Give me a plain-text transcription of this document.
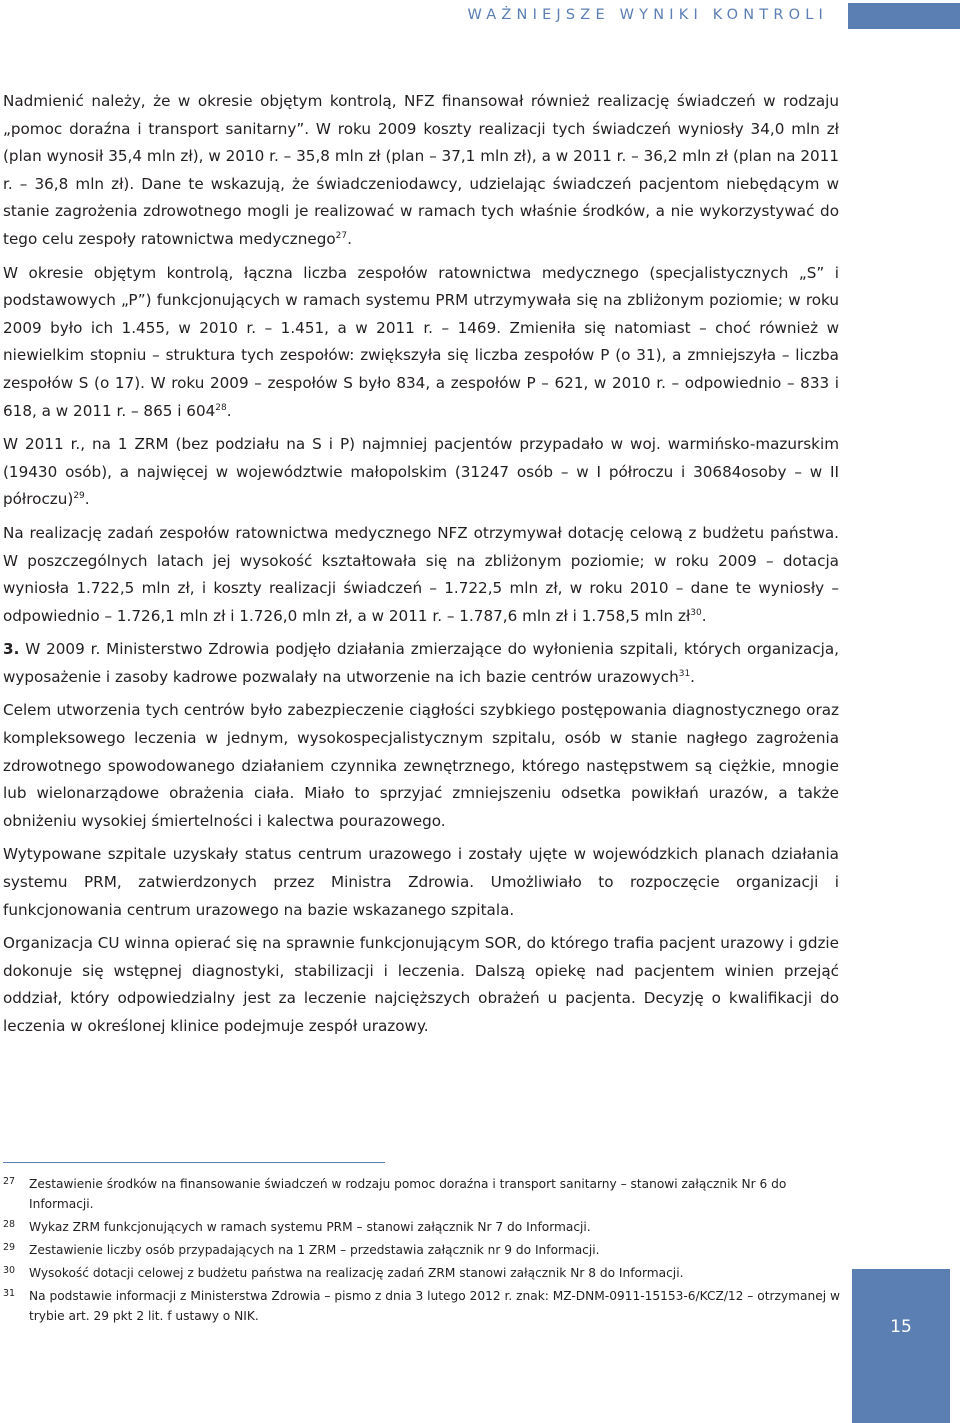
WAŻNIEJSZE WYNIKI KONTROLI

Nadmienić należy, że w okresie objętym kontrolą, NFZ finansował również realizację świadczeń w rodzaju „pomoc doraźna i transport sanitarny”. W roku 2009 koszty realizacji tych świadczeń wyniosły 34,0 mln zł (plan wynosił 35,4 mln zł), w 2010 r. – 35,8 mln zł (plan – 37,1 mln zł), a w 2011 r. – 36,2 mln zł (plan na 2011 r. – 36,8 mln zł). Dane te wskazują, że świadczeniodawcy, udzielając świadczeń pacjentom niebędącym w stanie zagrożenia zdrowotnego mogli je realizować w ramach tych właśnie środków, a nie wykorzystywać do tego celu zespoły ratownictwa medycznego$^{27}$.

W okresie objętym kontrolą, łączna liczba zespołów ratownictwa medycznego (specjalistycznych „S” i podstawowych „P”) funkcjonujących w ramach systemu PRM utrzymywała się na zbliżonym poziomie; w roku 2009 było ich 1.455, w 2010 r. – 1.451, a w 2011 r. – 1469. Zmieniła się natomiast – choć również w niewielkim stopniu – struktura tych zespołów: zwiększyła się liczba zespołów P (o 31), a zmniejszyła – liczba zespołów S (o 17). W roku 2009 – zespołów S było 834, a zespołów P – 621, w 2010 r. – odpowiednio – 833 i 618, a w 2011 r. – 865 i $604^{28}$.

W 2011 r., na 1 ZRM (bez podziału na S i P) najmniej pacjentów przypadało w woj. warmińsko-mazurskim (19430 osób), a najwięcej w województwie małopolskim (31247 osób – w I półroczu i 30684osoby – w II półroczu)$^{29}$.

Na realizację zadań zespołów ratownictwa medycznego NFZ otrzymywał dotację celową z budżetu państwa. W poszczególnych latach jej wysokość kształtowała się na zbliżonym poziomie; w roku 2009 – dotacja wyniosła 1.722,5 mln zł, i koszty realizacji świadczeń – 1.722,5 mln zł, w roku 2010 – dane te wyniosły – odpowiednio – 1.726,1 mln zł i 1.726,0 mln zł, a w 2011 r. – 1.787,6 mln zł i 1.758,5 mln $zł^{30}$.

3. W 2009 r. Ministerstwo Zdrowia podjęło działania zmierzające do wyłonienia szpitali, których organizacja, wyposażenie i zasoby kadrowe pozwalały na utworzenie na ich bazie centrów urazowych$^{31}$.

Celem utworzenia tych centrów było zabezpieczenie ciągłości szybkiego postępowania diagnostycznego oraz kompleksowego leczenia w jednym, wysokospecjalistycznym szpitalu, osób w stanie nagłego zagrożenia zdrowotnego spowodowanego działaniem czynnika zewnętrznego, którego następstwem są ciężkie, mnogie lub wielonarządowe obrażenia ciała. Miało to sprzyjać zmniejszeniu odsetka powikłań urazów, a także obniżeniu wysokiej śmiertelności i kalectwa pourazowego.

Wytypowane szpitale uzyskały status centrum urazowego i zostały ujęte w wojewódzkich planach działania systemu PRM, zatwierdzonych przez Ministra Zdrowia. Umożliwiało to rozpoczęcie organizacji i funkcjonowania centrum urazowego na bazie wskazanego szpitala.

Organizacja CU winna opierać się na sprawnie funkcjonującym SOR, do którego trafia pacjent urazowy i gdzie dokonuje się wstępnej diagnostyki, stabilizacji i leczenia. Dalszą opiekę nad pacjentem winien przejąć oddział, który odpowiedzialny jest za leczenie najcięższych obrażeń u pacjenta. Decyzję o kwalifikacji do leczenia w określonej klinice podejmuje zespół urazowy.

27	Zestawienie środków na finansowanie świadczeń w rodzaju pomoc doraźna i transport sanitarny – stanowi załącznik Nr 6 do Informacji.
28	Wykaz ZRM funkcjonujących w ramach systemu PRM – stanowi załącznik Nr 7 do Informacji.
29	Zestawienie liczby osób przypadających na 1 ZRM – przedstawia załącznik nr 9 do Informacji.
30	Wysokość dotacji celowej z budżetu państwa na realizację zadań ZRM stanowi załącznik Nr 8 do Informacji.
31	Na podstawie informacji z Ministerstwa Zdrowia – pismo z dnia 3 lutego 2012 r. znak: MZ-DNM-0911-15153-6/KCZ/12 – otrzymanej w trybie art. 29 pkt 2 lit. f ustawy o NIK.
15
